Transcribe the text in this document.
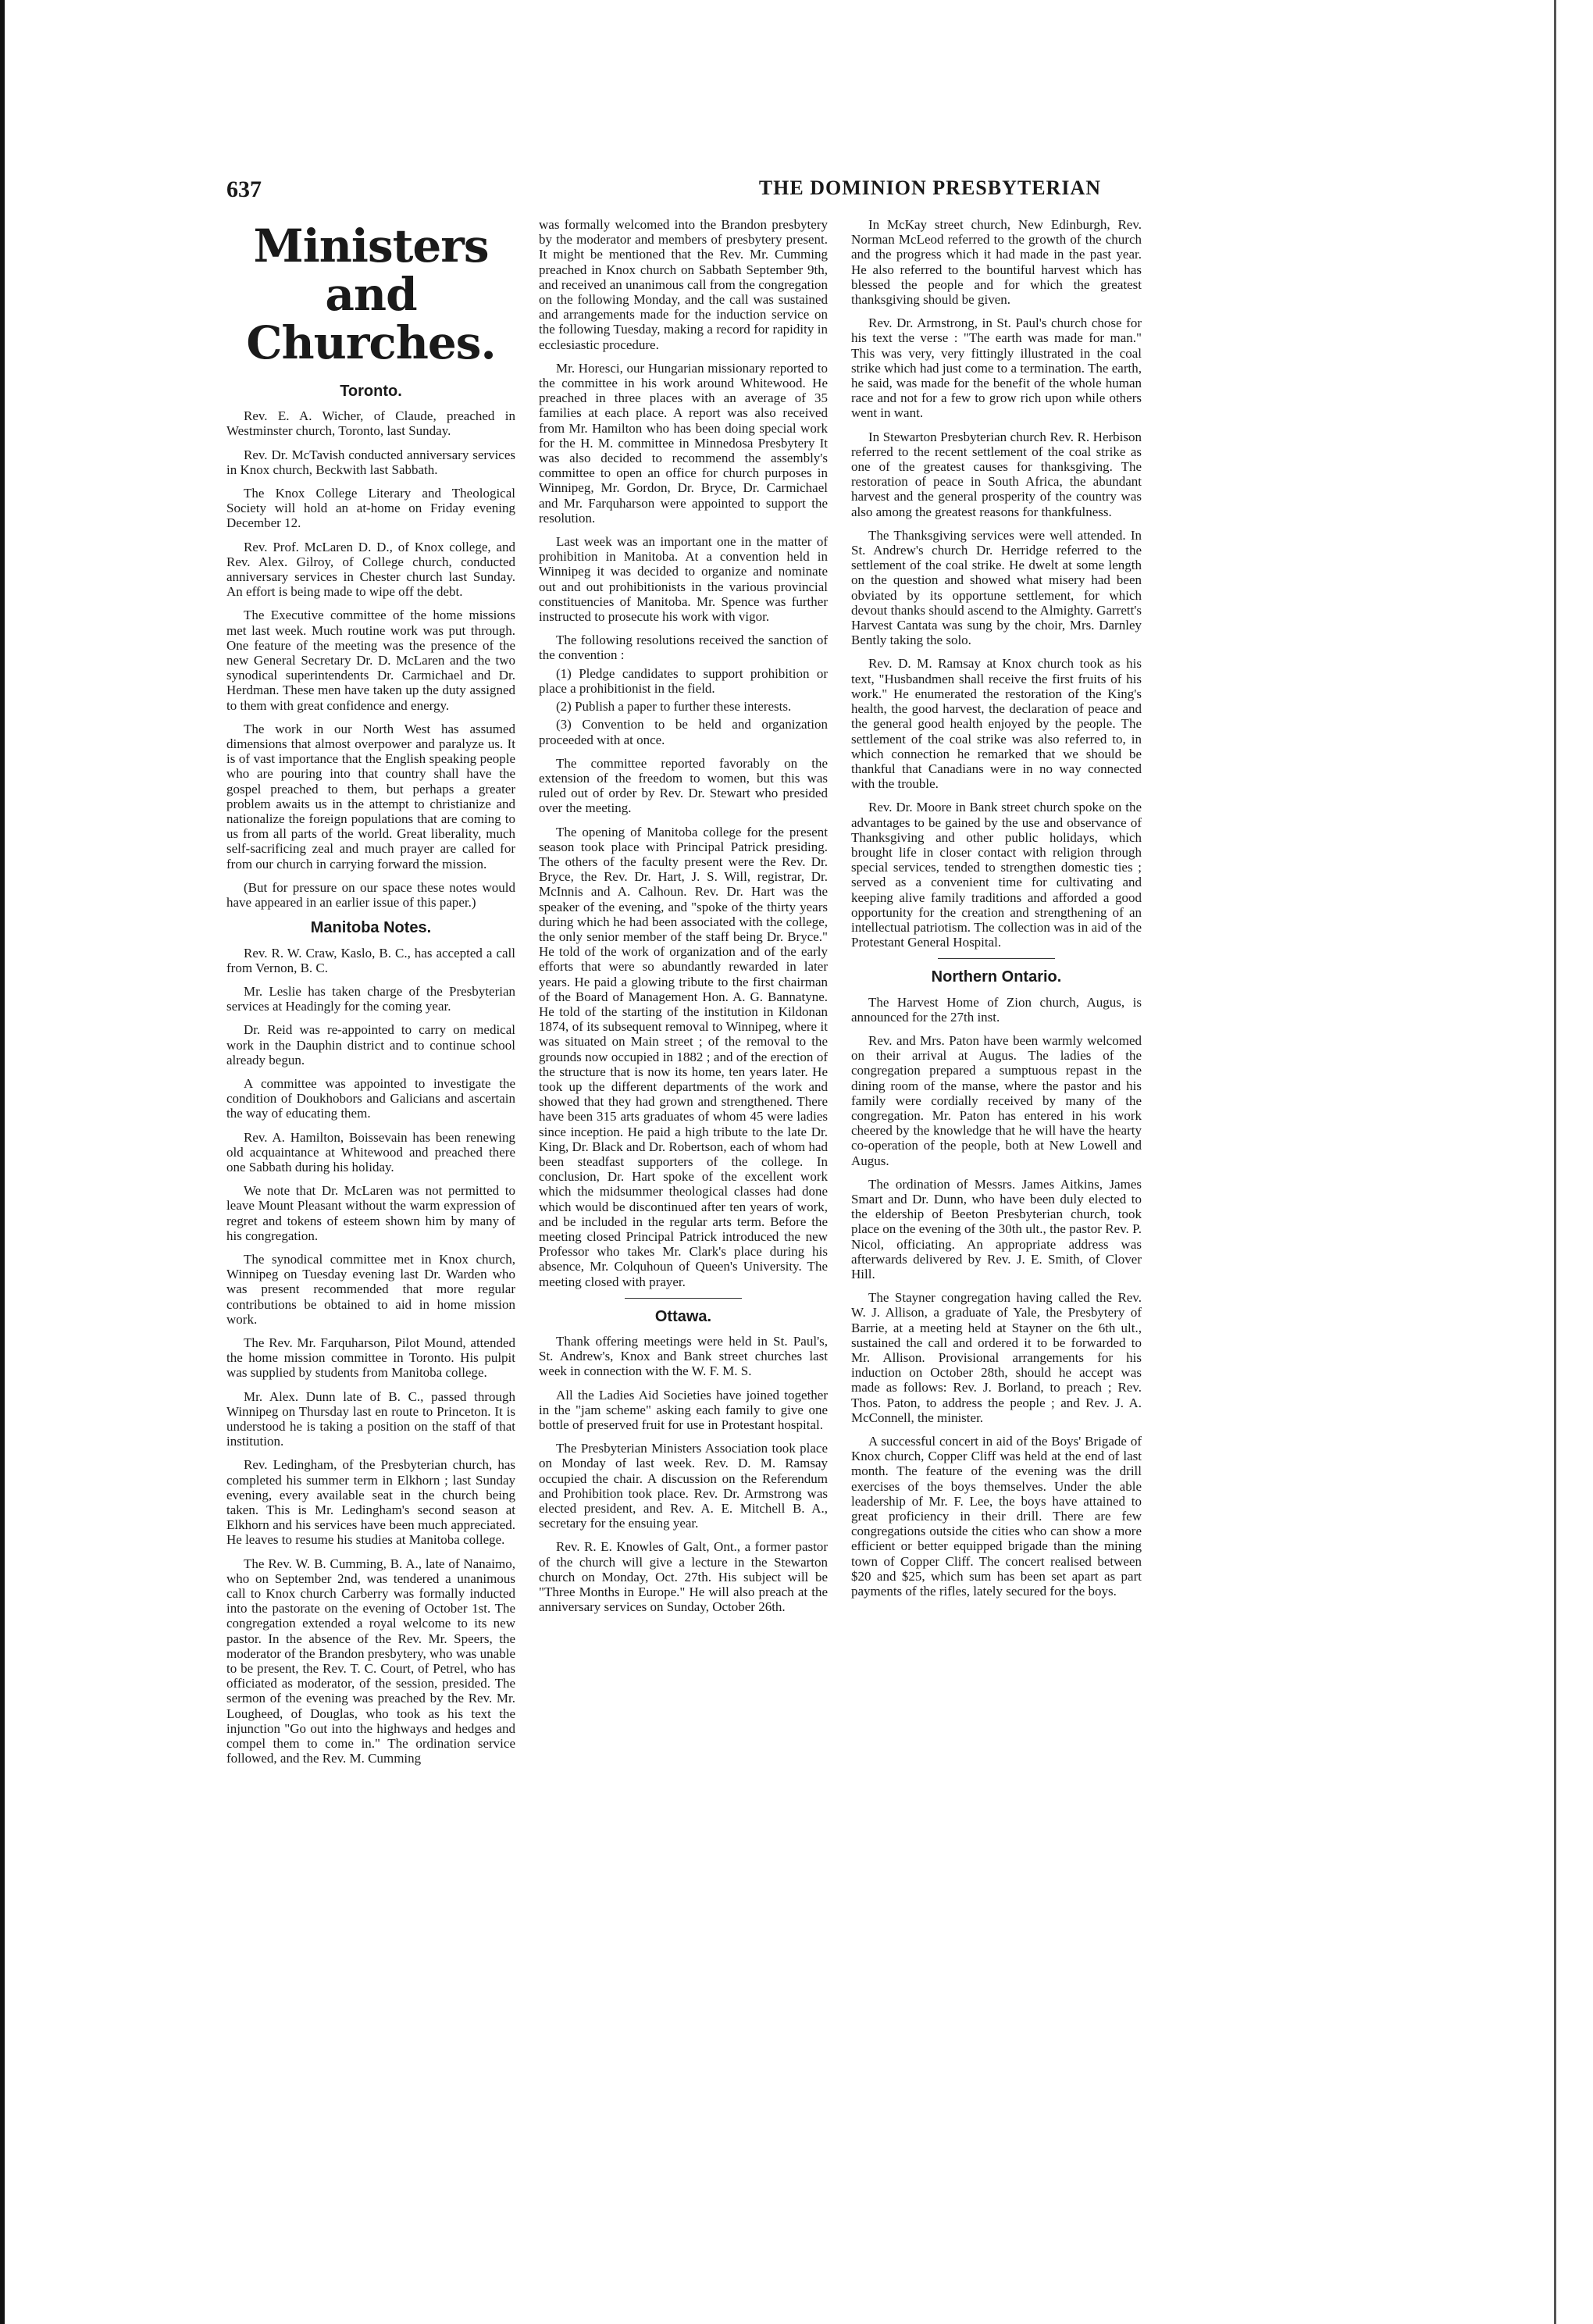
637	THE DOMINION PRESBYTERIAN
Ministers and Churches.
Toronto.

Rev. E. A. Wicher, of Claude, preached in Westminster church, Toronto, last Sunday.

Rev. Dr. McTavish conducted anniversary services in Knox church, Beckwith last Sabbath.

The Knox College Literary and Theological Society will hold an at-home on Friday evening December 12.

Rev. Prof. McLaren D. D., of Knox college, and Rev. Alex. Gilroy, of College church, conducted anniversary services in Chester church last Sunday. An effort is being made to wipe off the debt.

The Executive committee of the home missions met last week. Much routine work was put through. One feature of the meeting was the presence of the new General Secretary Dr. D. McLaren and the two synodical superintendents Dr. Carmichael and Dr. Herdman. These men have taken up the duty assigned to them with great confidence and energy.

The work in our North West has assumed dimensions that almost overpower and paralyze us. It is of vast importance that the English speaking people who are pouring into that country shall have the gospel preached to them, but perhaps a greater problem awaits us in the attempt to christianize and nationalize the foreign populations that are coming to us from all parts of the world. Great liberality, much self-sacrificing zeal and much prayer are called for from our church in carrying forward the mission.

(But for pressure on our space these notes would have appeared in an earlier issue of this paper.)

Manitoba Notes.

Rev. R. W. Craw, Kaslo, B. C., has accepted a call from Vernon, B. C.

Mr. Leslie has taken charge of the Presbyterian services at Headingly for the coming year.

Dr. Reid was re-appointed to carry on medical work in the Dauphin district and to continue school already begun.

A committee was appointed to investigate the condition of Doukhobors and Galicians and ascertain the way of educating them.

Rev. A. Hamilton, Boissevain has been renewing old acquaintance at Whitewood and preached there one Sabbath during his holiday.

We note that Dr. McLaren was not permitted to leave Mount Pleasant without the warm expression of regret and tokens of esteem shown him by many of his congregation.

The synodical committee met in Knox church, Winnipeg on Tuesday evening last Dr. Warden who was present recommended that more regular contributions be obtained to aid in home mission work.

The Rev. Mr. Farquharson, Pilot Mound, attended the home mission committee in Toronto. His pulpit was supplied by students from Manitoba college.

Mr. Alex. Dunn late of B. C., passed through Winnipeg on Thursday last en route to Princeton. It is understood he is taking a position on the staff of that institution.

Rev. Ledingham, of the Presbyterian church, has completed his summer term in Elkhorn ; last Sunday evening, every available seat in the church being taken. This is Mr. Ledingham's second season at Elkhorn and his services have been much appreciated. He leaves to resume his studies at Manitoba college.

The Rev. W. B. Cumming, B. A., late of Nanaimo, who on September 2nd, was tendered a unanimous call to Knox church Carberry was formally inducted into the pastorate on the evening of October 1st. The congregation extended a royal welcome to its new pastor. In the absence of the Rev. Mr. Speers, the moderator of the Brandon presbytery, who was unable to be present, the Rev. T. C. Court, of Petrel, who has officiated as moderator, of the session, presided. The sermon of the evening was preached by the Rev. Mr. Lougheed, of Douglas, who took as his text the injunction "Go out into the highways and hedges and compel them to come in." The ordination service followed, and the Rev. M. Cumming

was formally welcomed into the Brandon presbytery by the moderator and members of presbytery present. It might be mentioned that the Rev. Mr. Cumming preached in Knox church on Sabbath September 9th, and received an unanimous call from the congregation on the following Monday, and the call was sustained and arrangements made for the induction service on the following Tuesday, making a record for rapidity in ecclesiastic procedure.

Mr. Horesci, our Hungarian missionary reported to the committee in his work around Whitewood. He preached in three places with an average of 35 families at each place. A report was also received from Mr. Hamilton who has been doing special work for the H. M. committee in Minnedosa Presbytery It was also decided to recommend the assembly's committee to open an office for church purposes in Winnipeg, Mr. Gordon, Dr. Bryce, Dr. Carmichael and Mr. Farquharson were appointed to support the resolution.

Last week was an important one in the matter of prohibition in Manitoba. At a convention held in Winnipeg it was decided to organize and nominate out and out prohibitionists in the various provincial constituencies of Manitoba. Mr. Spence was further instructed to prosecute his work with vigor.

The following resolutions received the sanction of the convention :

(1) Pledge candidates to support prohibition or place a prohibitionist in the field.

(2) Publish a paper to further these interests.

(3) Convention to be held and organization proceeded with at once.

The committee reported favorably on the extension of the freedom to women, but this was ruled out of order by Rev. Dr. Stewart who presided over the meeting.

The opening of Manitoba college for the present season took place with Principal Patrick presiding. The others of the faculty present were the Rev. Dr. Bryce, the Rev. Dr. Hart, J. S. Will, registrar, Dr. McInnis and A. Calhoun. Rev. Dr. Hart was the speaker of the evening, and "spoke of the thirty years during which he had been associated with the college, the only senior member of the staff being Dr. Bryce." He told of the work of organization and of the early efforts that were so abundantly rewarded in later years. He paid a glowing tribute to the first chairman of the Board of Management Hon. A. G. Bannatyne. He told of the starting of the institution in Kildonan 1874, of its subsequent removal to Winnipeg, where it was situated on Main street ; of the removal to the grounds now occupied in 1882 ; and of the erection of the structure that is now its home, ten years later. He took up the different departments of the work and showed that they had grown and strengthened. There have been 315 arts graduates of whom 45 were ladies since inception. He paid a high tribute to the late Dr. King, Dr. Black and Dr. Robertson, each of whom had been steadfast supporters of the college. In conclusion, Dr. Hart spoke of the excellent work which the midsummer theological classes had done which would be discontinued after ten years of work, and be included in the regular arts term. Before the meeting closed Principal Patrick introduced the new Professor who takes Mr. Clark's place during his absence, Mr. Colquhoun of Queen's University. The meeting closed with prayer.

Ottawa.

Thank offering meetings were held in St. Paul's, St. Andrew's, Knox and Bank street churches last week in connection with the W. F. M. S.

All the Ladies Aid Societies have joined together in the "jam scheme" asking each family to give one bottle of preserved fruit for use in Protestant hospital.

The Presbyterian Ministers Association took place on Monday of last week. Rev. D. M. Ramsay occupied the chair. A discussion on the Referendum and Prohibition took place. Rev. Dr. Armstrong was elected president, and Rev. A. E. Mitchell B. A., secretary for the ensuing year.

Rev. R. E. Knowles of Galt, Ont., a former pastor of the church will give a lecture in the Stewarton church on Monday, Oct. 27th. His subject will be "Three Months in Europe." He will also preach at the anniversary services on Sunday, October 26th.

In McKay street church, New Edinburgh, Rev. Norman McLeod referred to the growth of the church and the progress which it had made in the past year. He also referred to the bountiful harvest which has blessed the people and for which the greatest thanksgiving should be given.

Rev. Dr. Armstrong, in St. Paul's church chose for his text the verse : "The earth was made for man." This was very, very fittingly illustrated in the coal strike which had just come to a termination. The earth, he said, was made for the benefit of the whole human race and not for a few to grow rich upon while others went in want.

In Stewarton Presbyterian church Rev. R. Herbison referred to the recent settlement of the coal strike as one of the greatest causes for thanksgiving. The restoration of peace in South Africa, the abundant harvest and the general prosperity of the country was also among the greatest reasons for thankfulness.

The Thanksgiving services were well attended. In St. Andrew's church Dr. Herridge referred to the settlement of the coal strike. He dwelt at some length on the question and showed what misery had been obviated by its opportune settlement, for which devout thanks should ascend to the Almighty. Garrett's Harvest Cantata was sung by the choir, Mrs. Darnley Bently taking the solo.

Rev. D. M. Ramsay at Knox church took as his text, "Husbandmen shall receive the first fruits of his work." He enumerated the restoration of the King's health, the good harvest, the declaration of peace and the general good health enjoyed by the people. The settlement of the coal strike was also referred to, in which connection he remarked that we should be thankful that Canadians were in no way connected with the trouble.

Rev. Dr. Moore in Bank street church spoke on the advantages to be gained by the use and observance of Thanksgiving and other public holidays, which brought life in closer contact with religion through special services, tended to strengthen domestic ties ; served as a convenient time for cultivating and keeping alive family traditions and afforded a good opportunity for the creation and strengthening of an intellectual patriotism. The collection was in aid of the Protestant General Hospital.

Northern Ontario.

The Harvest Home of Zion church, Augus, is announced for the 27th inst.

Rev. and Mrs. Paton have been warmly welcomed on their arrival at Augus. The ladies of the congregation prepared a sumptuous repast in the dining room of the manse, where the pastor and his family were cordially received by many of the congregation. Mr. Paton has entered in his work cheered by the knowledge that he will have the hearty co-operation of the people, both at New Lowell and Augus.

The ordination of Messrs. James Aitkins, James Smart and Dr. Dunn, who have been duly elected to the eldership of Beeton Presbyterian church, took place on the evening of the 30th ult., the pastor Rev. P. Nicol, officiating. An appropriate address was afterwards delivered by Rev. J. E. Smith, of Clover Hill.

The Stayner congregation having called the Rev. W. J. Allison, a graduate of Yale, the Presbytery of Barrie, at a meeting held at Stayner on the 6th ult., sustained the call and ordered it to be forwarded to Mr. Allison. Provisional arrangements for his induction on October 28th, should he accept was made as follows: Rev. J. Borland, to preach ; Rev. Thos. Paton, to address the people ; and Rev. J. A. McConnell, the minister.

A successful concert in aid of the Boys' Brigade of Knox church, Copper Cliff was held at the end of last month. The feature of the evening was the drill exercises of the boys themselves. Under the able leadership of Mr. F. Lee, the boys have attained to great proficiency in their drill. There are few congregations outside the cities who can show a more efficient or better equipped brigade than the mining town of Copper Cliff. The concert realised between $20 and $25, which sum has been set apart as part payments of the rifles, lately secured for the boys.
